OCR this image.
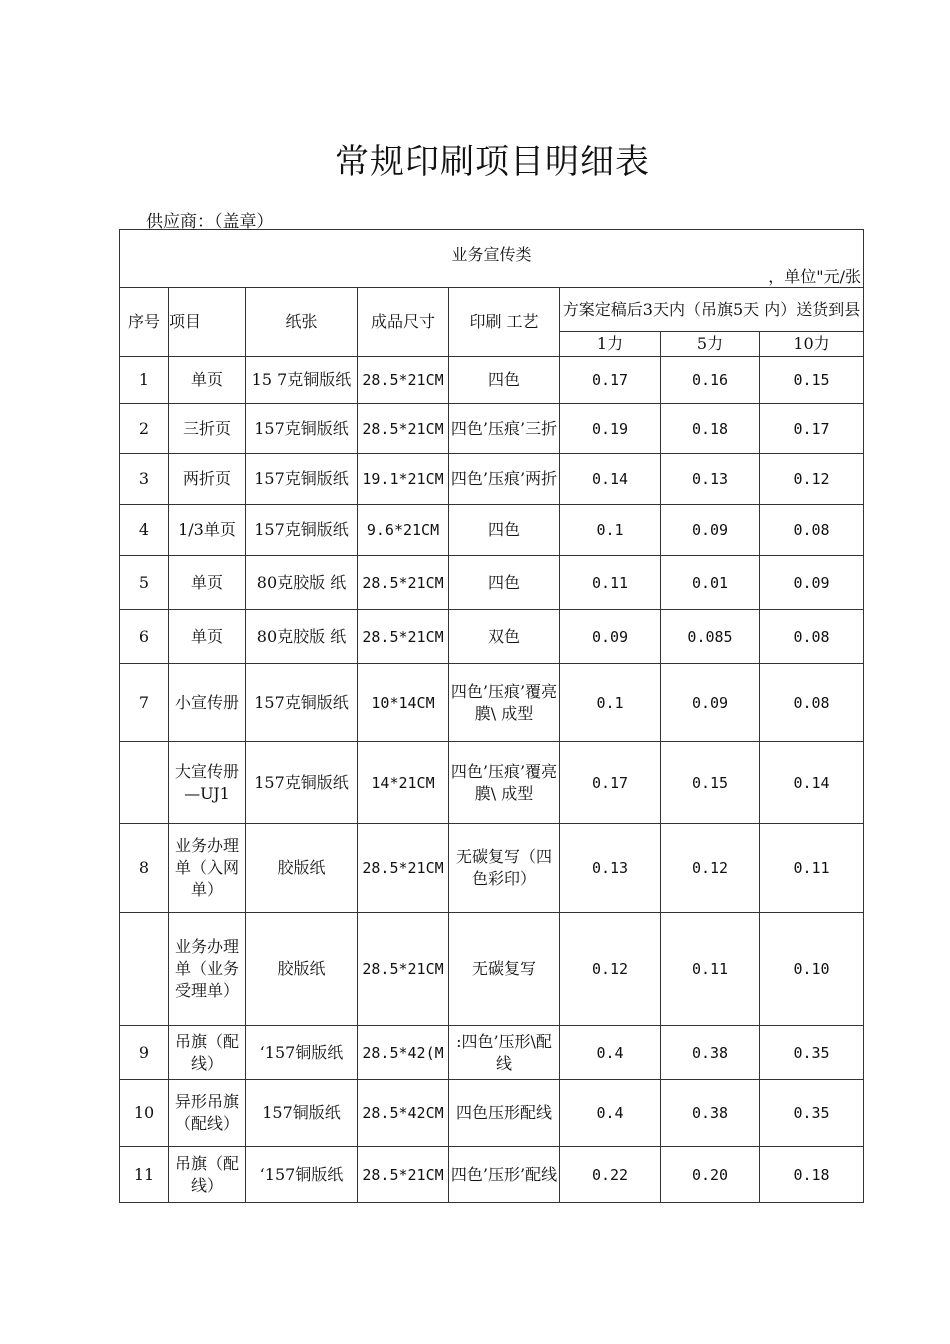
常规印刷项目明细表
供应商：（盖章）
业务宣传类
，单位"元/张							

序号	项目	纸张	成品尺寸	印刷 工艺	方案定稿后3天内（吊旗5天 内）送货到县		
					1力	5力	10力
1	单页	15 7克铜版纸	28.5*21CM	四色	0.17	0.16	0.15
2	三折页	157克铜版纸	28.5*21CM	四色’压痕’三折	0.19	0.18	0.17
3	两折页	157克铜版纸	19.1*21CM	四色’压痕’两折	0.14	0.13	0.12
4	1/3单页	157克铜版纸	9.6*21CM	四色	0.1	0.09	0.08
5	单页	80克胶版 纸	28.5*21CM	四色	0.11	0.01	0.09
6	单页	80克胶版 纸	28.5*21CM	双色	0.09	0.085	0.08
7	小宣传册	157克铜版纸	10*14CM	四色’压痕’覆亮膜\ 成型	0.1	0.09	0.08
	大宣传册—UJ1	157克铜版纸	14*21CM	四色’压痕’覆亮膜\ 成型	0.17	0.15	0.14
8	业务办理单（入网单）	胶版纸	28.5*21CM	无碳复写（四色彩印）	0.13	0.12	0.11
	业务办理单（业务受理单）	胶版纸	28.5*21CM	无碳复写	0.12	0.11	0.10
9	吊旗（配线）	‘157铜版纸	28.5*42(M	:四色’压形\配线	0.4	0.38	0.35
10	异形吊旗（配线）	157铜版纸	28.5*42CM	四色压形配线	0.4	0.38	0.35
11	吊旗（配线）	‘157铜版纸	28.5*21CM	四色’压形’配线	0.22	0.20	0.18
